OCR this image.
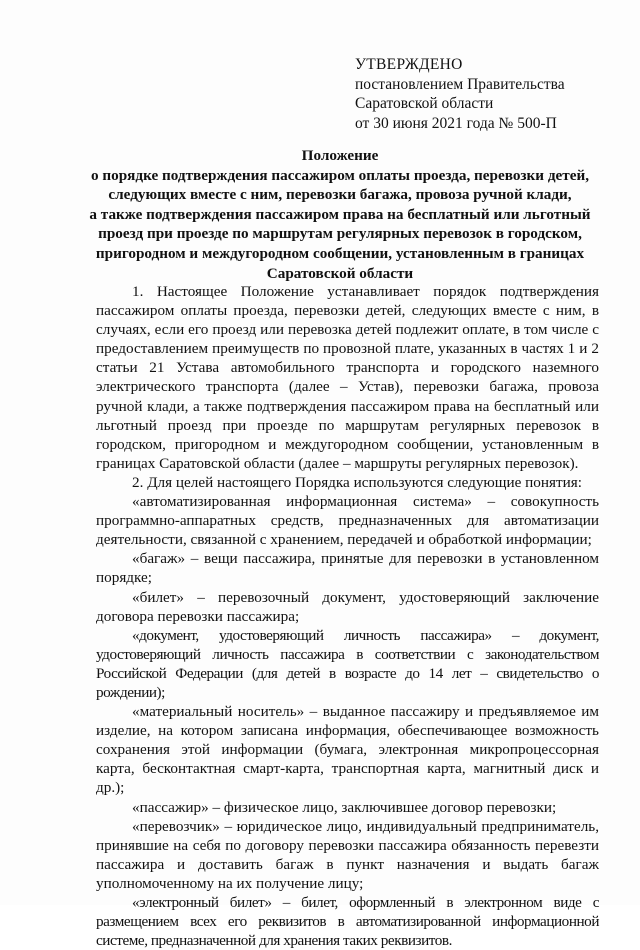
УТВЕРЖДЕНО
постановлением Правительства
Саратовской области
от 30 июня 2021 года № 500-П
Положение
о порядке подтверждения пассажиром оплаты проезда, перевозки детей,
следующих вместе с ним, перевозки багажа, провоза ручной клади,
а также подтверждения пассажиром права на бесплатный или льготный
проезд при проезде по маршрутам регулярных перевозок в городском,
пригородном и междугородном сообщении, установленным в границах
Саратовской области

1. Настоящее Положение устанавливает порядок подтверждения пассажиром оплаты проезда, перевозки детей, следующих вместе с ним, в случаях, если его проезд или перевозка детей подлежит оплате, в том числе с предоставлением преимуществ по провозной плате, указанных в частях 1 и 2 статьи 21 Устава автомобильного транспорта и городского наземного электрического транспорта (далее – Устав), перевозки багажа, провоза ручной клади, а также подтверждения пассажиром права на бесплатный или льготный проезд при проезде по маршрутам регулярных перевозок в городском, пригородном и междугородном сообщении, установленным в границах Саратовской области (далее – маршруты регулярных перевозок).

2. Для целей настоящего Порядка используются следующие понятия:

«автоматизированная информационная система» – совокупность программно-аппаратных средств, предназначенных для автоматизации деятельности, связанной с хранением, передачей и обработкой информации;

«багаж» – вещи пассажира, принятые для перевозки в установленном порядке;

«билет» – перевозочный документ, удостоверяющий заключение договора перевозки пассажира;

«документ, удостоверяющий личность пассажира» – документ, удостоверяющий личность пассажира в соответствии с законодательством Российской Федерации (для детей в возрасте до 14 лет – свидетельство о рождении);

«материальный носитель» – выданное пассажиру и предъявляемое им изделие, на котором записана информация, обеспечивающее возможность сохранения этой информации (бумага, электронная микропроцессорная карта, бесконтактная смарт-карта, транспортная карта, магнитный диск и др.);

«пассажир» – физическое лицо, заключившее договор перевозки;

«перевозчик» – юридическое лицо, индивидуальный предприниматель, принявшие на себя по договору перевозки пассажира обязанность перевезти пассажира и доставить багаж в пункт назначения и выдать багаж уполномоченному на их получение лицу;

«электронный билет» – билет, оформленный в электронном виде с размещением всех его реквизитов в автоматизированной информационной системе, предназначенной для хранения таких реквизитов.
